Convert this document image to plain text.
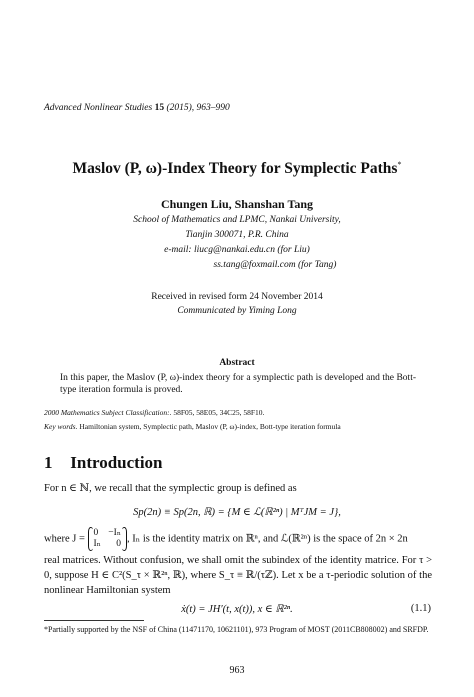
Advanced Nonlinear Studies 15 (2015), 963–990
Maslov (P, ω)-Index Theory for Symplectic Paths*
Chungen Liu, Shanshan Tang
School of Mathematics and LPMC, Nankai University,
Tianjin 300071, P.R. China
e-mail: liucg@nankai.edu.cn (for Liu)
ss.tang@foxmail.com (for Tang)
Received in revised form 24 November 2014
Communicated by Yiming Long
Abstract
In this paper, the Maslov (P, ω)-index theory for a symplectic path is developed and the Bott-type iteration formula is proved.
2000 Mathematics Subject Classification:. 58F05, 58E05, 34C25, 58F10.
Key words. Hamiltonian system, Symplectic path, Maslov (P, ω)-index, Bott-type iteration formula
1 Introduction
For n ∈ ℕ, we recall that the symplectic group is defined as
Sp(2n) ≡ Sp(2n, ℝ) = {M ∈ ℒ(ℝ²ⁿ) | MᵀJM = J},
where J =
0 −Iₙ
Iₙ 0 , Iₙ is the identity matrix on ℝⁿ, and ℒ(ℝ²ⁿ) is the space of 2n × 2n
real matrices. Without confusion, we shall omit the subindex of the identity matrice. For τ > 0, suppose H ∈ C²(S_τ × ℝ²ⁿ, ℝ), where S_τ ≡ ℝ/(τℤ). Let x be a τ-periodic solution of the nonlinear Hamiltonian system
ẋ(t) = JH′(t, x(t)), x ∈ ℝ²ⁿ.	(1.1)
*Partially supported by the NSF of China (11471170, 10621101), 973 Program of MOST (2011CB808002) and SRFDP.
963
